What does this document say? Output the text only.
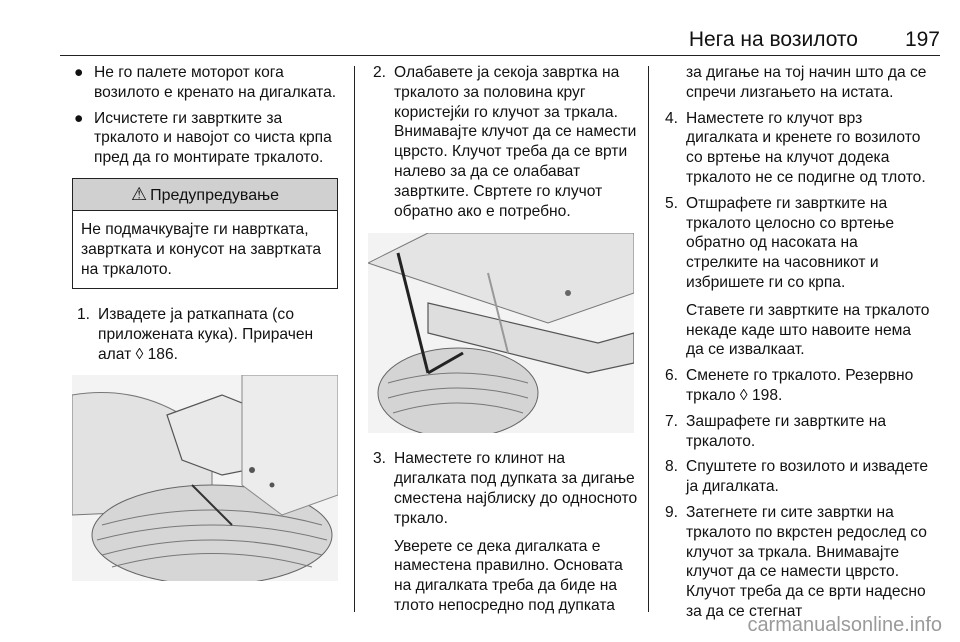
Нега на возилото 197
● Не го палете моторот кога возилото е кренато на дигалката.

● Исчистете ги завртките за тркалото и навојот со чиста крпа пред да го монтирате тркалото.

⚠ Предупредување
Не подмачкувајте ги навртката, завртката и конусот на завртката на тркалото.
1. Извадете ја раткапната (со приложената кука). Прирачен алат ◊ 186.

2. Олабавете ја секоја завртка на тркалото за половина круг користејќи го клучот за тркала. Внимавајте клучот да се намести цврсто. Клучот треба да се врти налево за да се олабават завртките. Свртете го клучот обратно ако е потребно.

3. Наместете го клинот на дигалката под дупката за дигање сместена најблиску до односното тркало.

Уверете се дека дигалката е наместена правилно. Основата на дигалката треба да биде на тлото непосредно под дупката

за дигање на тој начин што да се спречи лизгањето на истата.
4. Наместете го клучот врз дигалката и кренете го возилото со вртење на клучот додека тркалото не се подигне од тлото.

5. Отшрафете ги завртките на тркалото целосно со вртење обратно од насоката на стрелките на часовникот и избришете ги со крпа.

Ставете ги завртките на тркалото некаде каде што навоите нема да се извалкаат.

6. Сменете го тркалото. Резервно тркало ◊ 198.

7. Зашрафете ги завртките на тркалото.

8. Спуштете го возилото и извадете ја дигалката.

9. Затегнете ги сите завртки на тркалото по вкрстен редослед со клучот за тркала. Внимавајте клучот да се намести цврсто. Клучот треба да се врти надесно за да се стегнат

carmanualsonline.info
